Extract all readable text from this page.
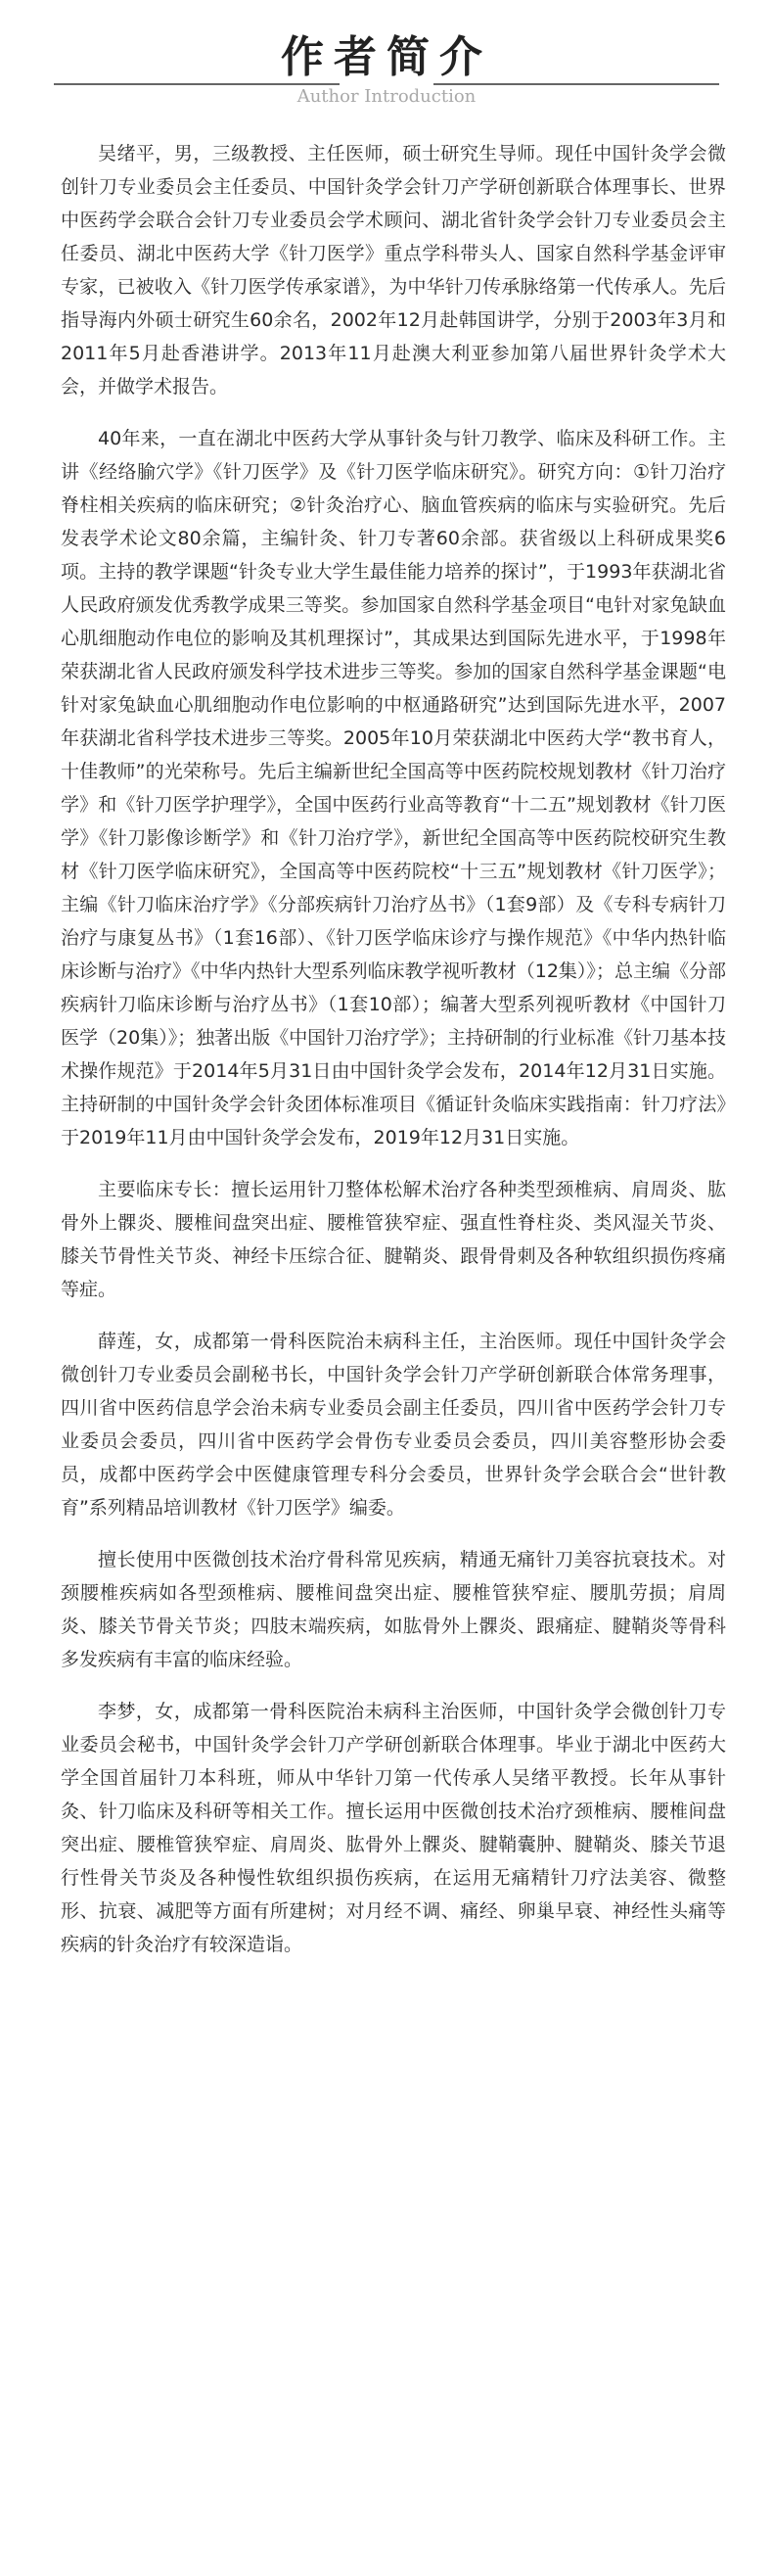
作者简介
Author Introduction

吴绪平，男，三级教授、主任医师，硕士研究生导师。现任中国针灸学会微创针刀专业委员会主任委员、中国针灸学会针刀产学研创新联合体理事长、世界中医药学会联合会针刀专业委员会学术顾问、湖北省针灸学会针刀专业委员会主任委员、湖北中医药大学《针刀医学》重点学科带头人、国家自然科学基金评审专家，已被收入《针刀医学传承家谱》，为中华针刀传承脉络第一代传承人。先后指导海内外硕士研究生60余名，2002年12月赴韩国讲学，分别于2003年3月和2011年5月赴香港讲学。2013年11月赴澳大利亚参加第八届世界针灸学术大会，并做学术报告。

40年来，一直在湖北中医药大学从事针灸与针刀教学、临床及科研工作。主讲《经络腧穴学》《针刀医学》及《针刀医学临床研究》。研究方向：①针刀治疗脊柱相关疾病的临床研究；②针灸治疗心、脑血管疾病的临床与实验研究。先后发表学术论文80余篇，主编针灸、针刀专著60余部。获省级以上科研成果奖6项。主持的教学课题“针灸专业大学生最佳能力培养的探讨”，于1993年获湖北省人民政府颁发优秀教学成果三等奖。参加国家自然科学基金项目“电针对家兔缺血心肌细胞动作电位的影响及其机理探讨”，其成果达到国际先进水平，于1998年荣获湖北省人民政府颁发科学技术进步三等奖。参加的国家自然科学基金课题“电针对家兔缺血心肌细胞动作电位影响的中枢通路研究”达到国际先进水平，2007年获湖北省科学技术进步三等奖。2005年10月荣获湖北中医药大学“教书育人，十佳教师”的光荣称号。先后主编新世纪全国高等中医药院校规划教材《针刀治疗学》和《针刀医学护理学》，全国中医药行业高等教育“十二五”规划教材《针刀医学》《针刀影像诊断学》和《针刀治疗学》，新世纪全国高等中医药院校研究生教材《针刀医学临床研究》，全国高等中医药院校“十三五”规划教材《针刀医学》；主编《针刀临床治疗学》《分部疾病针刀治疗丛书》（1套9部）及《专科专病针刀治疗与康复丛书》（1套16部）、《针刀医学临床诊疗与操作规范》《中华内热针临床诊断与治疗》《中华内热针大型系列临床教学视听教材（12集）》；总主编《分部疾病针刀临床诊断与治疗丛书》（1套10部）；编著大型系列视听教材《中国针刀医学（20集）》；独著出版《中国针刀治疗学》；主持研制的行业标准《针刀基本技术操作规范》于2014年5月31日由中国针灸学会发布，2014年12月31日实施。主持研制的中国针灸学会针灸团体标准项目《循证针灸临床实践指南：针刀疗法》于2019年11月由中国针灸学会发布，2019年12月31日实施。

主要临床专长：擅长运用针刀整体松解术治疗各种类型颈椎病、肩周炎、肱骨外上髁炎、腰椎间盘突出症、腰椎管狭窄症、强直性脊柱炎、类风湿关节炎、膝关节骨性关节炎、神经卡压综合征、腱鞘炎、跟骨骨刺及各种软组织损伤疼痛等症。

薛莲，女，成都第一骨科医院治未病科主任，主治医师。现任中国针灸学会微创针刀专业委员会副秘书长，中国针灸学会针刀产学研创新联合体常务理事，四川省中医药信息学会治未病专业委员会副主任委员，四川省中医药学会针刀专业委员会委员，四川省中医药学会骨伤专业委员会委员，四川美容整形协会委员，成都中医药学会中医健康管理专科分会委员，世界针灸学会联合会“世针教育”系列精品培训教材《针刀医学》编委。

擅长使用中医微创技术治疗骨科常见疾病，精通无痛针刀美容抗衰技术。对颈腰椎疾病如各型颈椎病、腰椎间盘突出症、腰椎管狭窄症、腰肌劳损；肩周炎、膝关节骨关节炎；四肢末端疾病，如肱骨外上髁炎、跟痛症、腱鞘炎等骨科多发疾病有丰富的临床经验。

李梦，女，成都第一骨科医院治未病科主治医师，中国针灸学会微创针刀专业委员会秘书，中国针灸学会针刀产学研创新联合体理事。毕业于湖北中医药大学全国首届针刀本科班，师从中华针刀第一代传承人吴绪平教授。长年从事针灸、针刀临床及科研等相关工作。擅长运用中医微创技术治疗颈椎病、腰椎间盘突出症、腰椎管狭窄症、肩周炎、肱骨外上髁炎、腱鞘囊肿、腱鞘炎、膝关节退行性骨关节炎及各种慢性软组织损伤疾病，在运用无痛精针刀疗法美容、微整形、抗衰、减肥等方面有所建树；对月经不调、痛经、卵巢早衰、神经性头痛等疾病的针灸治疗有较深造诣。
